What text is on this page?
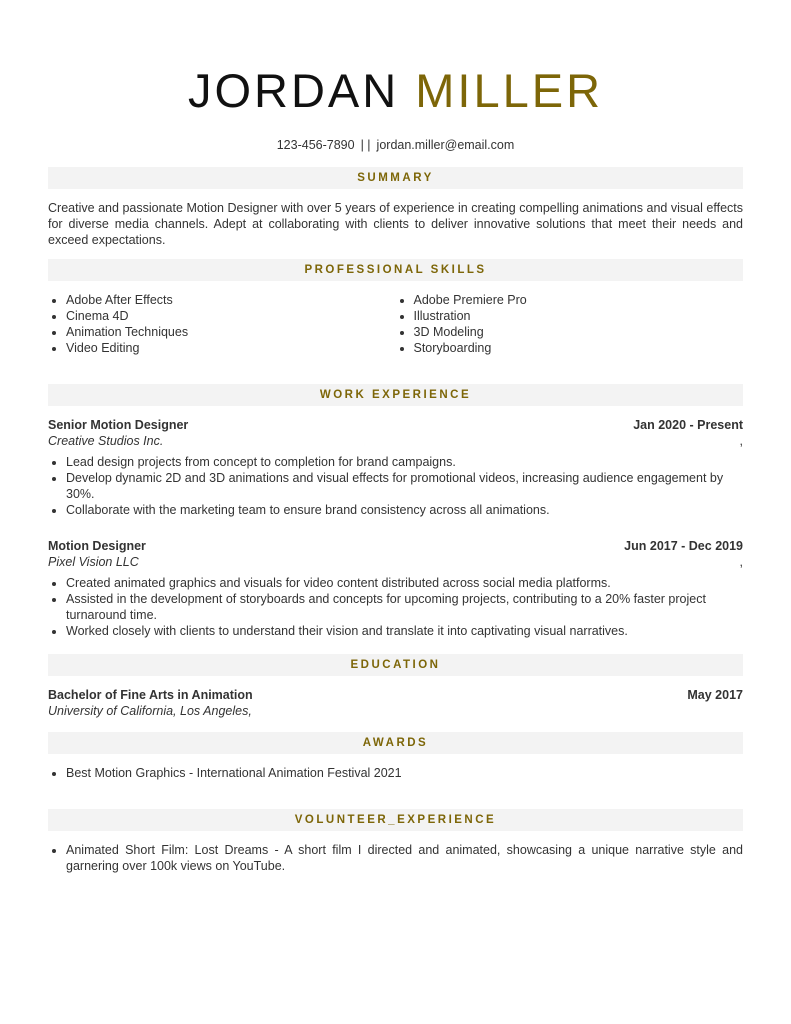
JORDAN MILLER
123-456-7890 | | jordan.miller@email.com
SUMMARY

Creative and passionate Motion Designer with over 5 years of experience in creating compelling animations and visual effects for diverse media channels. Adept at collaborating with clients to deliver innovative solutions that meet their needs and exceed expectations.

PROFESSIONAL SKILLS
• Adobe After Effects
• Cinema 4D
• Animation Techniques
• Video Editing
• Adobe Premiere Pro
• Illustration
• 3D Modeling
• Storyboarding
WORK EXPERIENCE
Senior Motion Designer	Jan 2020 - Present
Creative Studios Inc.	,
• Lead design projects from concept to completion for brand campaigns.
• Develop dynamic 2D and 3D animations and visual effects for promotional videos, increasing audience engagement by 30%.
• Collaborate with the marketing team to ensure brand consistency across all animations.
Motion Designer	Jun 2017 - Dec 2019
Pixel Vision LLC	,
• Created animated graphics and visuals for video content distributed across social media platforms.
• Assisted in the development of storyboards and concepts for upcoming projects, contributing to a 20% faster project turnaround time.
• Worked closely with clients to understand their vision and translate it into captivating visual narratives.
EDUCATION
Bachelor of Fine Arts in Animation	May 2017
University of California, Los Angeles,
AWARDS
• Best Motion Graphics - International Animation Festival 2021
VOLUNTEER_EXPERIENCE
• Animated Short Film: Lost Dreams - A short film I directed and animated, showcasing a unique narrative style and garnering over 100k views on YouTube.
